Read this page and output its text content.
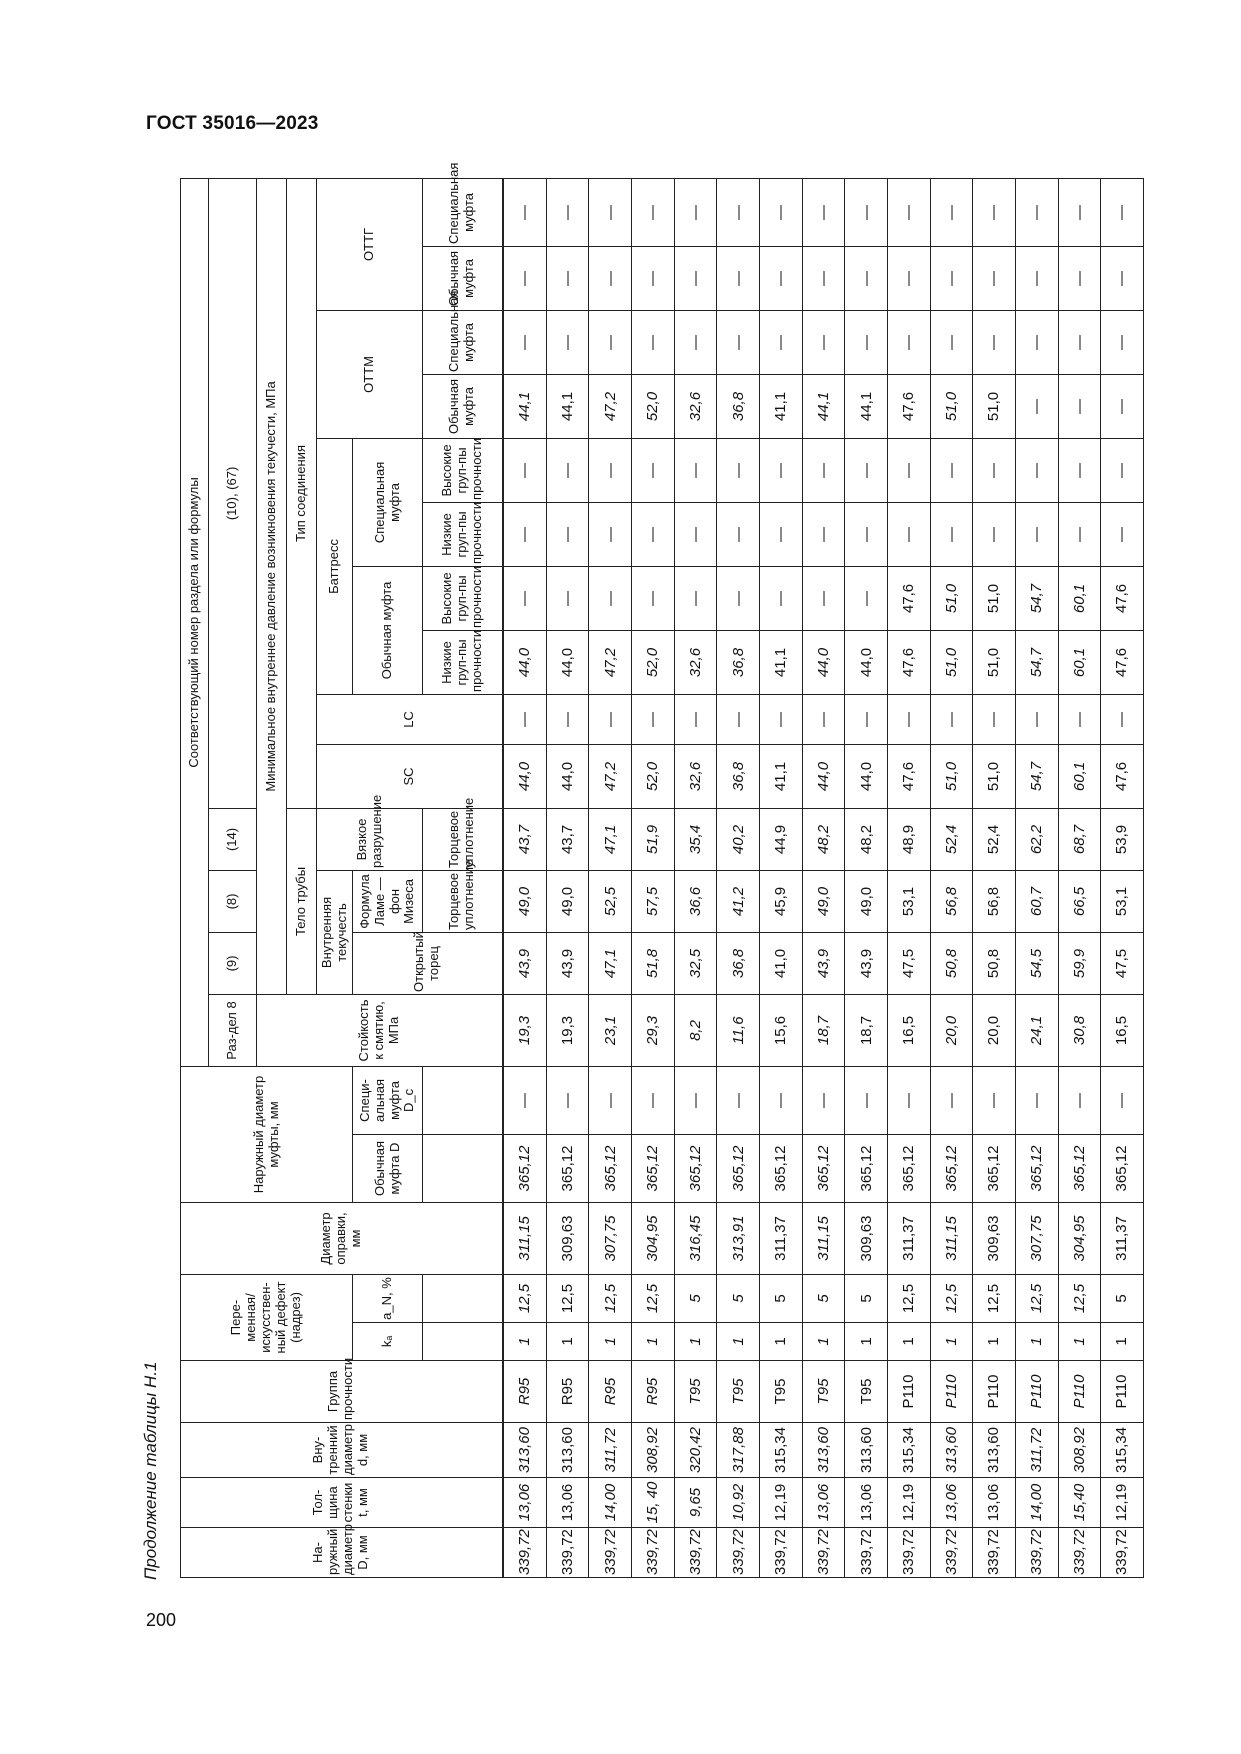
ГОСТ 35016—2023
Продолжение таблицы Н.1
200
На-ружный диаметр D, мм	Тол-щина стенки t, мм	Вну-тренний диаметр d, мм	Группа прочности	Пере-менная/ искусствен-ный дефект (надрез)		Диаметр оправки, мм	Наружный диаметр муфты, мм		Соответствующий номер раздела или формулы													
									Раз-дел 8	(9)	(8)	(14)	(10), (67)									
									Стойкость к смятию, МПа	Минимальное внутреннее давление возникновения текучести, МПа												
										Тело трубы			Тип соединения									
										Внутренняя текучесть		Вязкое разрушение	SC	LC	Баттресс				ОТТМ		ОТТГ	
				kₐ	a_N, %		Обычная муфта D	Специ-альная муфта D_c		Открытый торец	Формула Ламе — фон Мизеса				Обычная муфта		Специальная муфта					
											Торцевое уплотнение	Торцевое уплотнение			Низкие груп-пы прочности	Высокие груп-пы прочности	Низкие груп-пы прочности	Высокие груп-пы прочности	Обычная муфта	Специальная муфта	Обычная муфта	Специальная муфта
339,72	13,06	313,60	R95	1	12,5	311,15	365,12	—	19,3	43,9	49,0	43,7	44,0	—	44,0	—	—	—	44,1	—	—	—
339,72	13,06	313,60	R95	1	12,5	309,63	365,12	—	19,3	43,9	49,0	43,7	44,0	—	44,0	—	—	—	44,1	—	—	—
339,72	14,00	311,72	R95	1	12,5	307,75	365,12	—	23,1	47,1	52,5	47,1	47,2	—	47,2	—	—	—	47,2	—	—	—
339,72	15, 40	308,92	R95	1	12,5	304,95	365,12	—	29,3	51,8	57,5	51,9	52,0	—	52,0	—	—	—	52,0	—	—	—
339,72	9,65	320,42	T95	1	5	316,45	365,12	—	8,2	32,5	36,6	35,4	32,6	—	32,6	—	—	—	32,6	—	—	—
339,72	10,92	317,88	T95	1	5	313,91	365,12	—	11,6	36,8	41,2	40,2	36,8	—	36,8	—	—	—	36,8	—	—	—
339,72	12,19	315,34	T95	1	5	311,37	365,12	—	15,6	41,0	45,9	44,9	41,1	—	41,1	—	—	—	41,1	—	—	—
339,72	13,06	313,60	T95	1	5	311,15	365,12	—	18,7	43,9	49,0	48,2	44,0	—	44,0	—	—	—	44,1	—	—	—
339,72	13,06	313,60	T95	1	5	309,63	365,12	—	18,7	43,9	49,0	48,2	44,0	—	44,0	—	—	—	44,1	—	—	—
339,72	12,19	315,34	P110	1	12,5	311,37	365,12	—	16,5	47,5	53,1	48,9	47,6	—	47,6	47,6	—	—	47,6	—	—	—
339,72	13,06	313,60	P110	1	12,5	311,15	365,12	—	20,0	50,8	56,8	52,4	51,0	—	51,0	51,0	—	—	51,0	—	—	—
339,72	13,06	313,60	P110	1	12,5	309,63	365,12	—	20,0	50,8	56,8	52,4	51,0	—	51,0	51,0	—	—	51,0	—	—	—
339,72	14,00	311,72	P110	1	12,5	307,75	365,12	—	24,1	54,5	60,7	62,2	54,7	—	54,7	54,7	—	—	—	—	—	—
339,72	15,40	308,92	P110	1	12,5	304,95	365,12	—	30,8	59,9	66,5	68,7	60,1	—	60,1	60,1	—	—	—	—	—	—
339,72	12,19	315,34	P110	1	5	311,37	365,12	—	16,5	47,5	53,1	53,9	47,6	—	47,6	47,6	—	—	—	—	—	—
